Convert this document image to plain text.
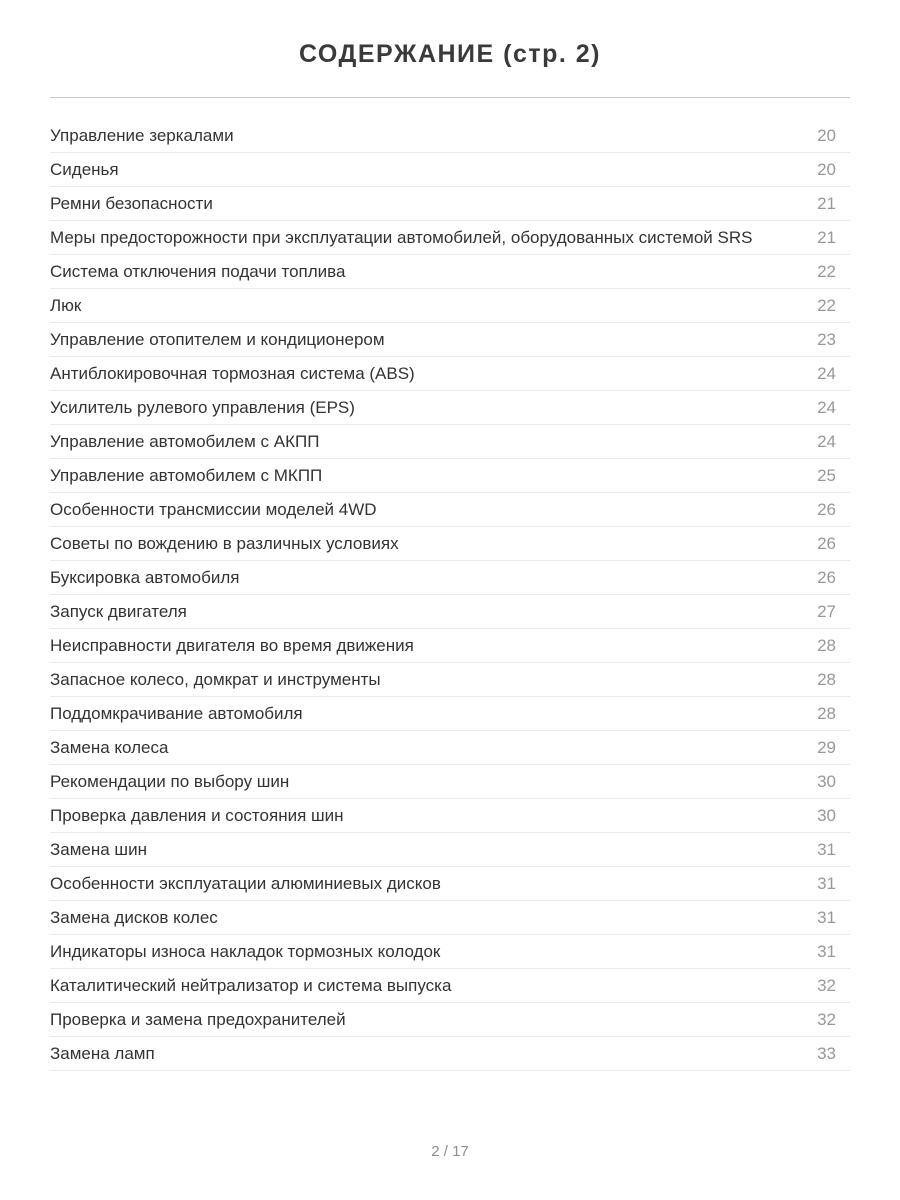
СОДЕРЖАНИЕ (стр. 2)
Управление зеркалами	20
Сиденья	20
Ремни безопасности	21
Меры предосторожности при эксплуатации автомобилей, оборудованных системой SRS	21
Система отключения подачи топлива	22
Люк	22
Управление отопителем и кондиционером	23
Антиблокировочная тормозная система (ABS)	24
Усилитель рулевого управления (EPS)	24
Управление автомобилем с АКПП	24
Управление автомобилем с МКПП	25
Особенности трансмиссии моделей 4WD	26
Советы по вождению в различных условиях	26
Буксировка автомобиля	26
Запуск двигателя	27
Неисправности двигателя во время движения	28
Запасное колесо, домкрат и инструменты	28
Поддомкрачивание автомобиля	28
Замена колеса	29
Рекомендации по выбору шин	30
Проверка давления и состояния шин	30
Замена шин	31
Особенности эксплуатации алюминиевых дисков	31
Замена дисков колес	31
Индикаторы износа накладок тормозных колодок	31
Каталитический нейтрализатор и система выпуска	32
Проверка и замена предохранителей	32
Замена ламп	33
2 / 17
